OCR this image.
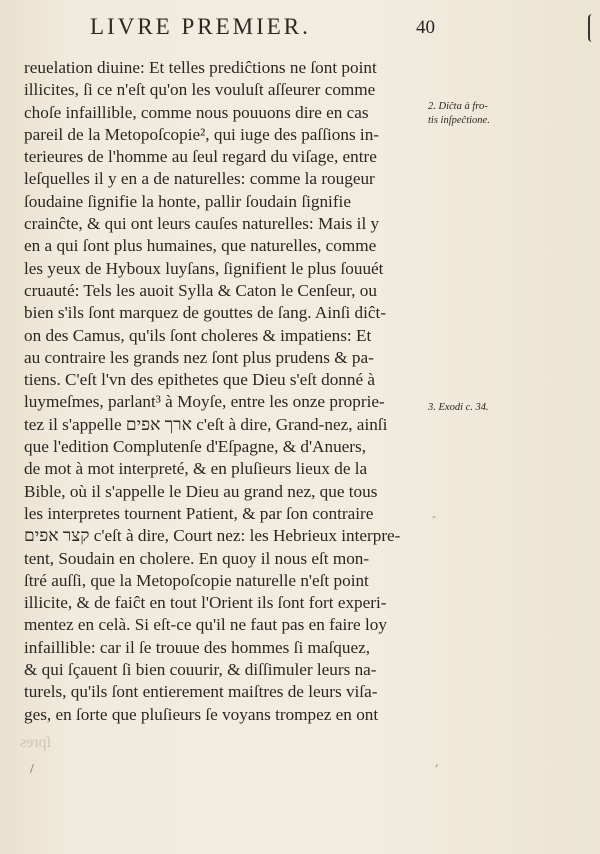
LIVRE PREMIER.	40
reuelation diuine: Et telles prediĉtions ne ſont point
illicites, ſi ce n'eſt qu'on les vouluſt aſſeurer comme
choſe infaillible, comme nous pouuons dire en cas
pareil de la Metopoſcopie², qui iuge des paſſions in-
terieures de l'homme au ſeul regard du viſage, entre
leſquelles il y en a de naturelles: comme la rougeur
ſoudaine ſignifie la honte, pallir ſoudain ſignifie
crainĉte, & qui ont leurs cauſes naturelles: Mais il y
en a qui ſont plus humaines, que naturelles, comme
les yeux de Hyboux luyſans, ſignifient le plus ſouuét
cruauté: Tels les auoit Sylla & Caton le Cenſeur, ou
bien s'ils ſont marquez de gouttes de ſang. Ainſi diĉt-
on des Camus, qu'ils ſont choleres & impatiens: Et
au contraire les grands nez ſont plus prudens & pa-
tiens. C'eſt l'vn des epithetes que Dieu s'eſt donné à
luymeſmes, parlant³ à Moyſe, entre les onze proprie-
tez il s'appelle ארך אפים c'eſt à dire, Grand-nez, ainſi
que l'edition Complutenſe d'Eſpagne, & d'Anuers,
de mot à mot interpreté, & en pluſieurs lieux de la
Bible, où il s'appelle le Dieu au grand nez, que tous
les interpretes tournent Patient, & par ſon contraire
קצר אפים c'eſt à dire, Court nez: les Hebrieux interpre-
tent, Soudain en cholere. En quoy il nous eſt mon-
ſtré auſſi, que la Metopoſcopie naturelle n'eſt point
illicite, & de faiĉt en tout l'Orient ils ſont fort experi-
mentez en celà. Si eſt-ce qu'il ne faut pas en faire loy
infaillible: car il ſe trouue des hommes ſi maſquez,
& qui ſçauent ſi bien couurir, & diſſimuler leurs na-
turels, qu'ils ſont entierement maiſtres de leurs viſa-
ges, en ſorte que pluſieurs ſe voyans trompez en ont
2. Diĉta à fro-
tis inſpeĉtione.
3. Exodi c. 34.
-
,
/
ſpres
